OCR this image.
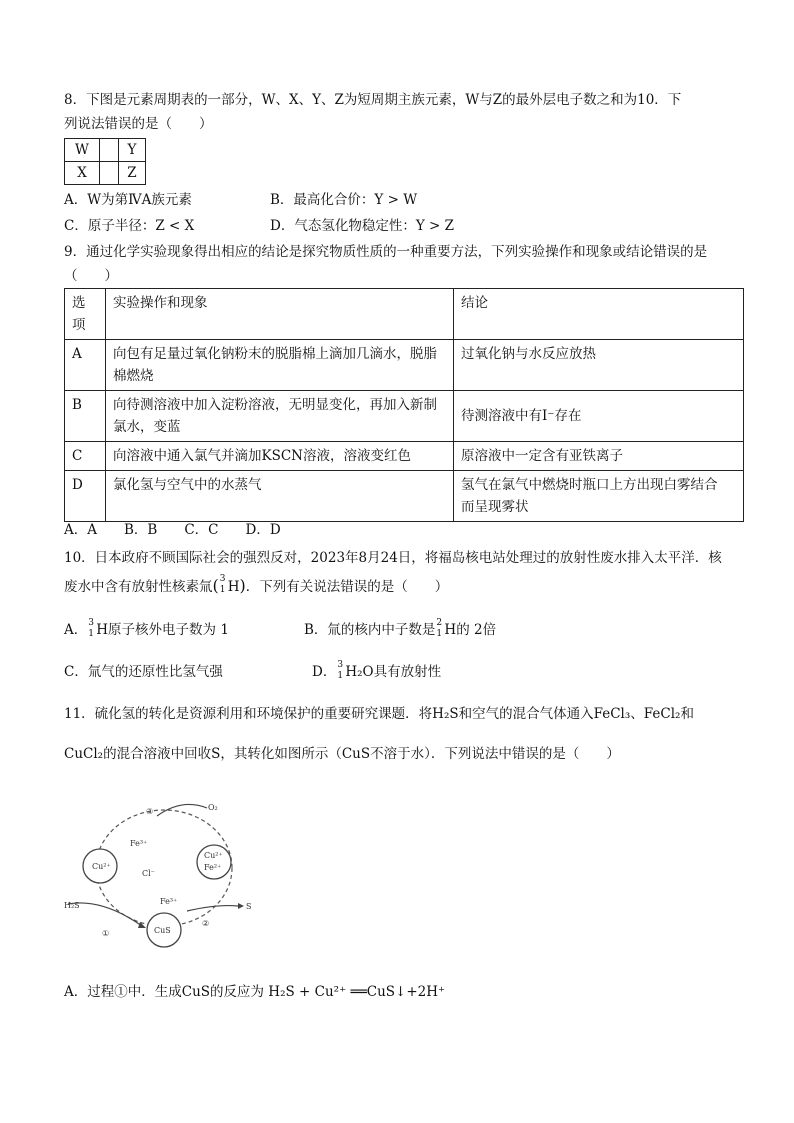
8．下图是元素周期表的一部分，W、X、Y、Z为短周期主族元素，W与Z的最外层电子数之和为10．下
列说法错误的是（　　）
W		Y
X		Z
A．W为第ⅣA族元素	B．最高化合价：Y > W
C．原子半径：Z < X	D．气态氢化物稳定性：Y > Z
9．通过化学实验现象得出相应的结论是探究物质性质的一种重要方法，下列实验操作和现象或结论错误的是
（　　）
选
项	实验操作和现象	结论
A	向包有足量过氧化钠粉末的脱脂棉上滴加几滴水，脱脂
棉燃烧	过氧化钠与水反应放热
B	向待测溶液中加入淀粉溶液，无明显变化，再加入新制
氯水，变蓝	待测溶液中有I⁻存在
C	向溶液中通入氯气并滴加KSCN溶液，溶液变红色	原溶液中一定含有亚铁离子
D	氯化氢与空气中的水蒸气	氢气在氯气中燃烧时瓶口上方出现白雾结合
而呈现雾状
A．A　　B．B　　C．C　　D．D
10．日本政府不顾国际社会的强烈反对，2023年8月24日，将福岛核电站处理过的放射性废水排入太平洋．核
废水中含有放射性核素氚( 3
1 H)．下列有关说法错误的是（　　）
A． 3
1 H原子核外电子数为 1	B．氚的核内中子数是 2
1 H的 2倍
C．氚气的还原性比氢气强	D． 3
1 H₂O具有放射性
11．硫化氢的转化是资源利用和环境保护的重要研究课题．将H₂S和空气的混合气体通入FeCl₃、FeCl₂和
CuCl₂的混合溶液中回收S，其转化如图所示（CuS不溶于水）．下列说法中错误的是（　　）
O₂
Fe³⁺
Cu²⁺
Cu²⁺
Fe²⁺
Cl⁻
H₂S	Fe³⁺
S
CuS
①
②
③
A．过程①中．生成CuS的反应为 H₂S + Cu²⁺ ══CuS↓+2H⁺
